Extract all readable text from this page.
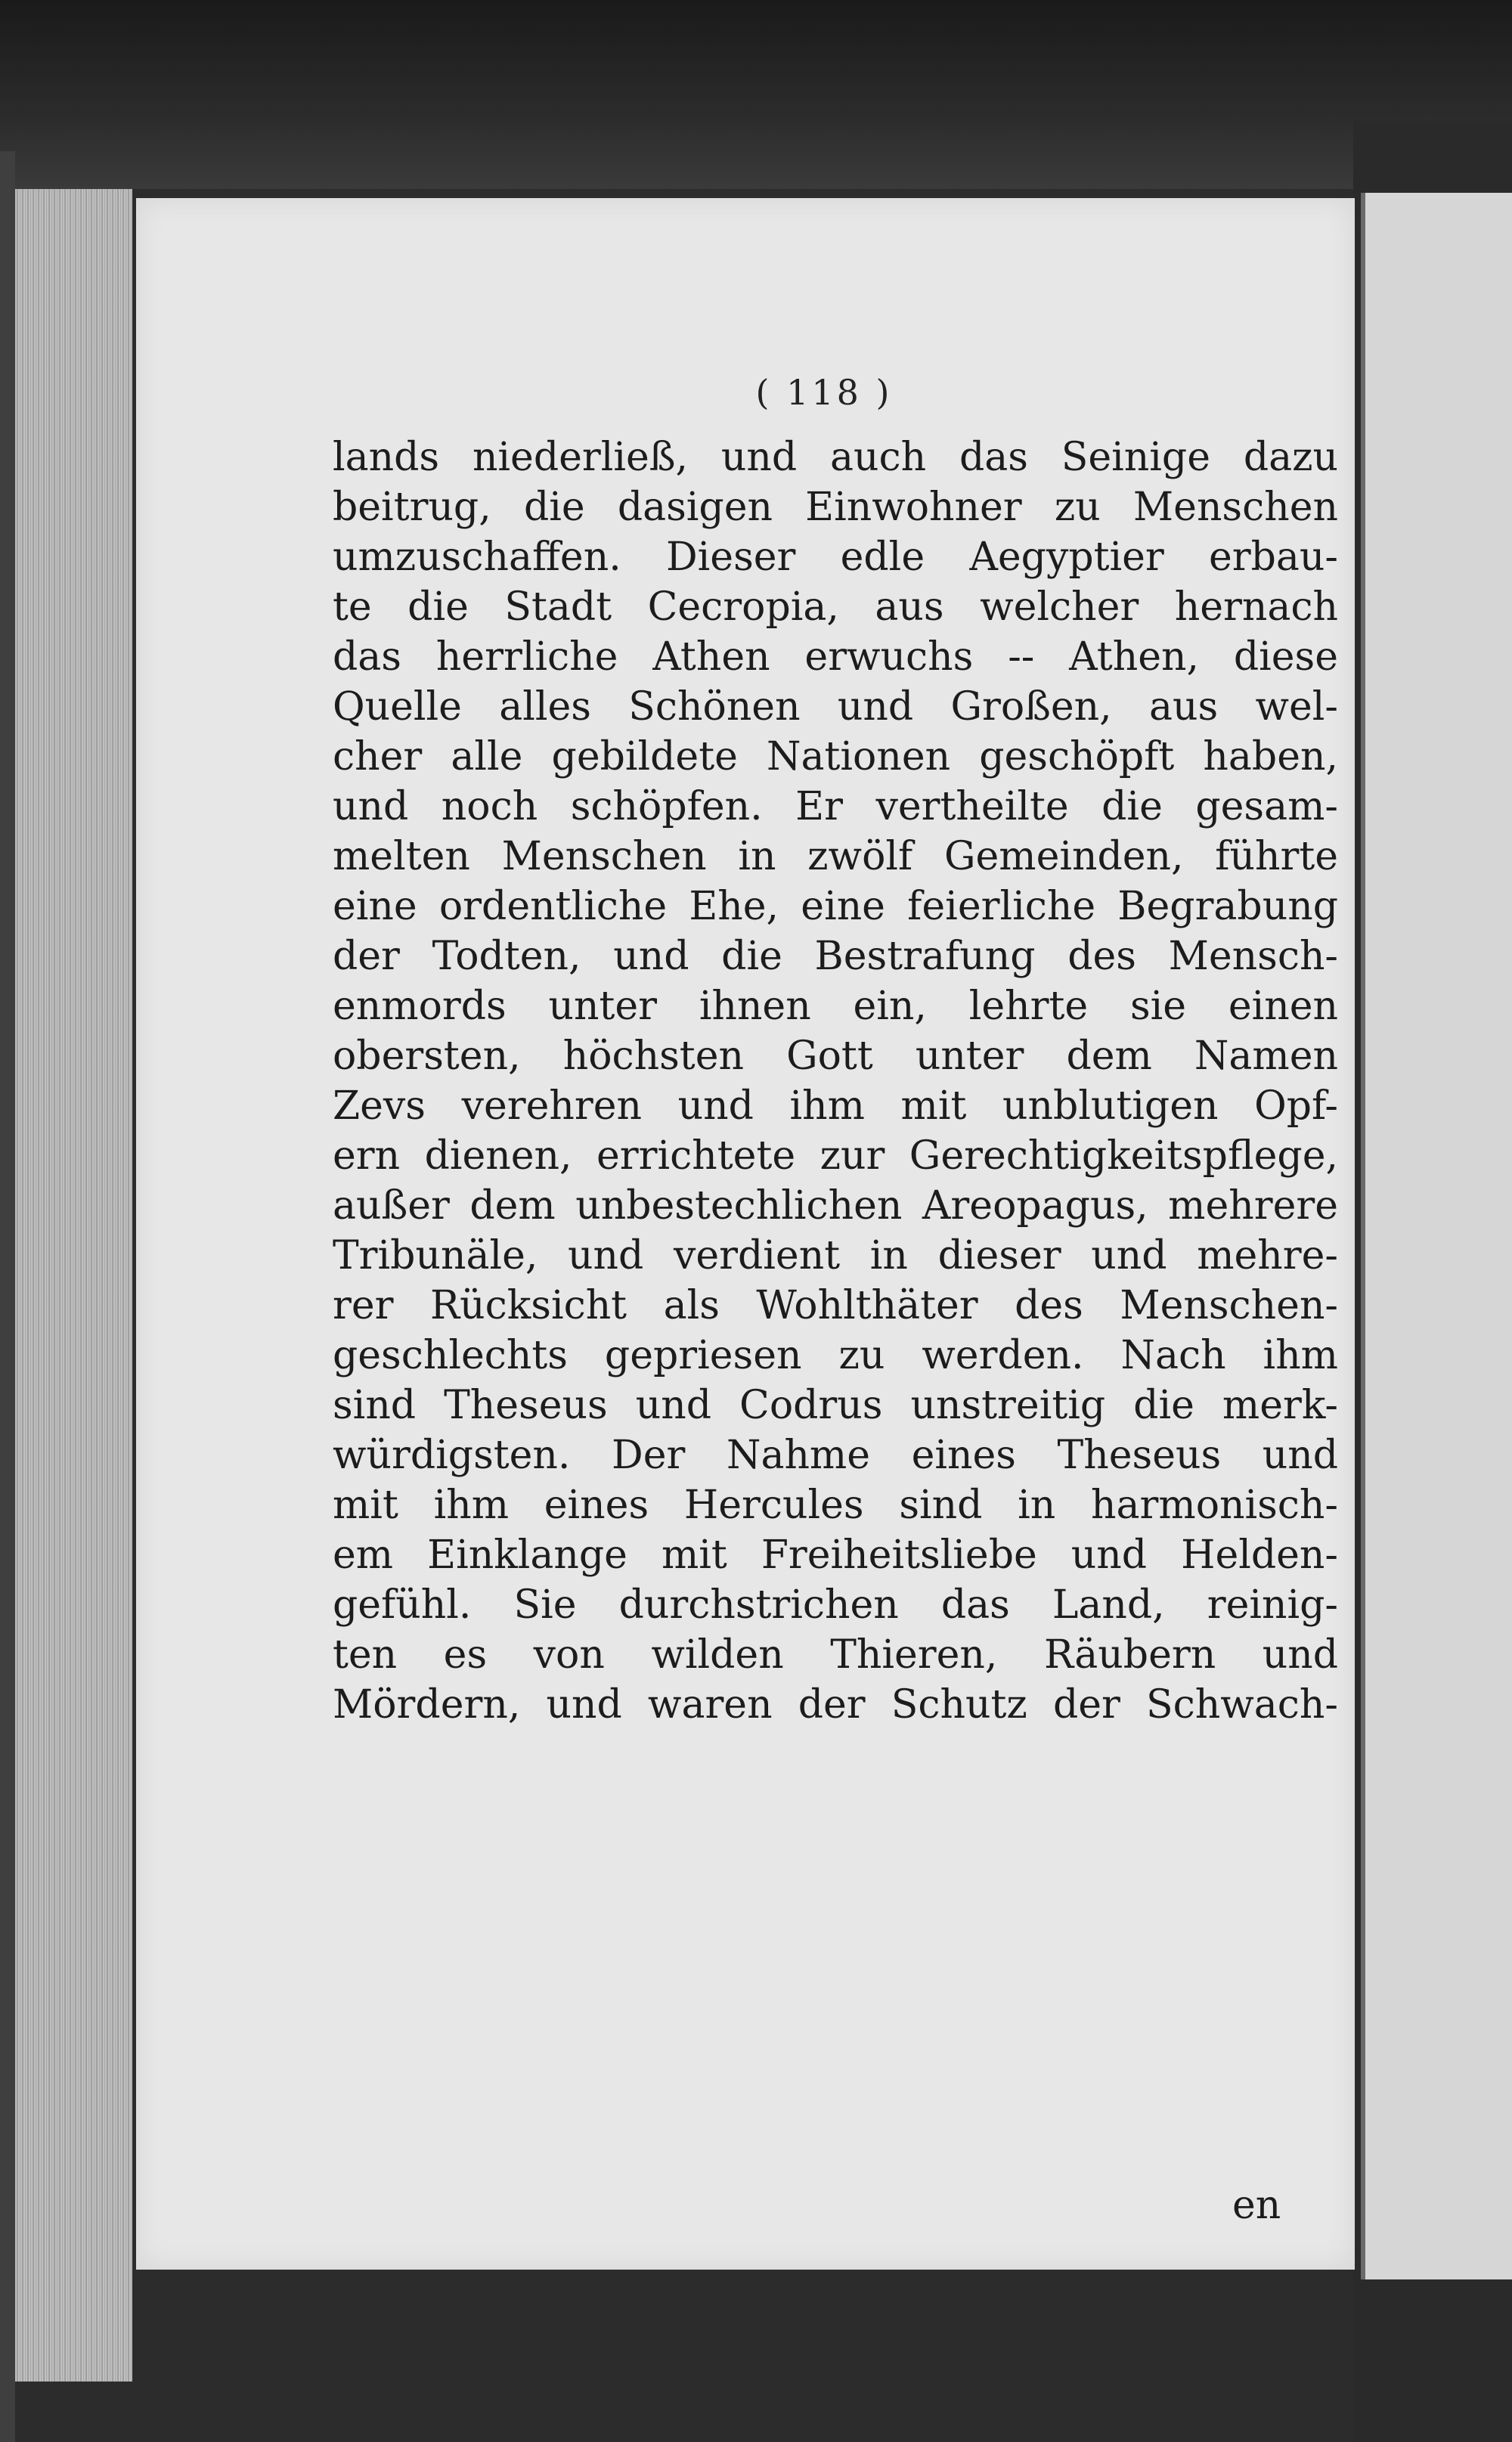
( 118 )
lands niederließ, und auch das Seinige dazu
beitrug, die dasigen Einwohner zu Menschen
umzuschaffen. Dieser edle Aegyptier erbau-
te die Stadt Cecropia, aus welcher hernach
das herrliche Athen erwuchs -- Athen, diese
Quelle alles Schönen und Großen, aus wel-
cher alle gebildete Nationen geschöpft haben,
und noch schöpfen. Er vertheilte die gesam-
melten Menschen in zwölf Gemeinden, führte
eine ordentliche Ehe, eine feierliche Begrabung
der Todten, und die Bestrafung des Mensch-
enmords unter ihnen ein, lehrte sie einen
obersten, höchsten Gott unter dem Namen
Zevs verehren und ihm mit unblutigen Opf-
ern dienen, errichtete zur Gerechtigkeitspflege,
außer dem unbestechlichen Areopagus, mehrere
Tribunäle, und verdient in dieser und mehre-
rer Rücksicht als Wohlthäter des Menschen-
geschlechts gepriesen zu werden. Nach ihm
sind Theseus und Codrus unstreitig die merk-
würdigsten. Der Nahme eines Theseus und
mit ihm eines Hercules sind in harmonisch-
em Einklange mit Freiheitsliebe und Helden-
gefühl. Sie durchstrichen das Land, reinig-
ten es von wilden Thieren, Räubern und
Mördern, und waren der Schutz der Schwach-
en
